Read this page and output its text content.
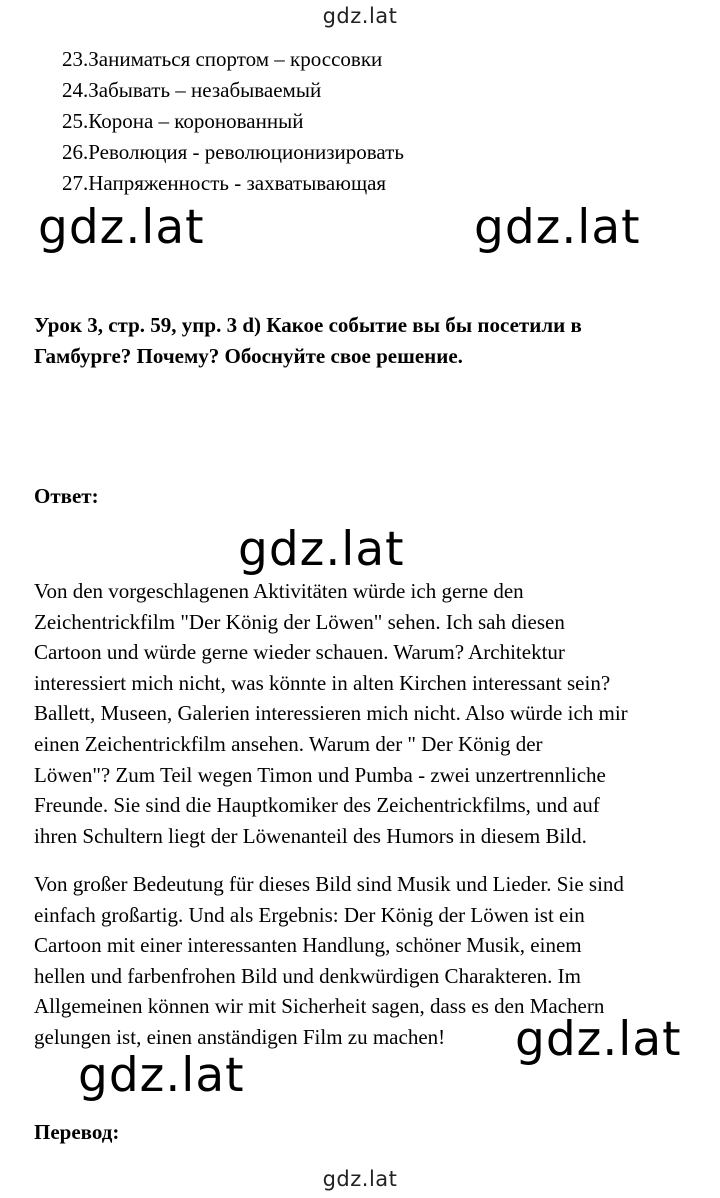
gdz.lat
23.Заниматься спортом – кроссовки
24.Забывать – незабываемый
25.Корона – коронованный
26.Революция - революционизировать
27.Напряженность - захватывающая
gdz.lat	gdz.lat
Урок 3, стр. 59, упр. 3 d) Какое событие вы бы посетили в Гамбурге? Почему? Обоснуйте свое решение.
Ответ:
gdz.lat
Von den vorgeschlagenen Aktivitäten würde ich gerne den
Zeichentrickfilm "Der König der Löwen" sehen. Ich sah diesen
Cartoon und würde gerne wieder schauen. Warum? Architektur
interessiert mich nicht, was könnte in alten Kirchen interessant sein?
Ballett, Museen, Galerien interessieren mich nicht. Also würde ich mir
einen Zeichentrickfilm ansehen. Warum der " Der König der
Löwen"? Zum Teil wegen Timon und Pumba - zwei unzertrennliche
Freunde. Sie sind die Hauptkomiker des Zeichentrickfilms, und auf
ihren Schultern liegt der Löwenanteil des Humors in diesem Bild.
Von großer Bedeutung für dieses Bild sind Musik und Lieder. Sie sind
einfach großartig. Und als Ergebnis: Der König der Löwen ist ein
Cartoon mit einer interessanten Handlung, schöner Musik, einem
hellen und farbenfrohen Bild und denkwürdigen Charakteren. Im
Allgemeinen können wir mit Sicherheit sagen, dass es den Machern
gelungen ist, einen anständigen Film zu machen!	gdz.lat
gdz.lat
Перевод:
gdz.lat
